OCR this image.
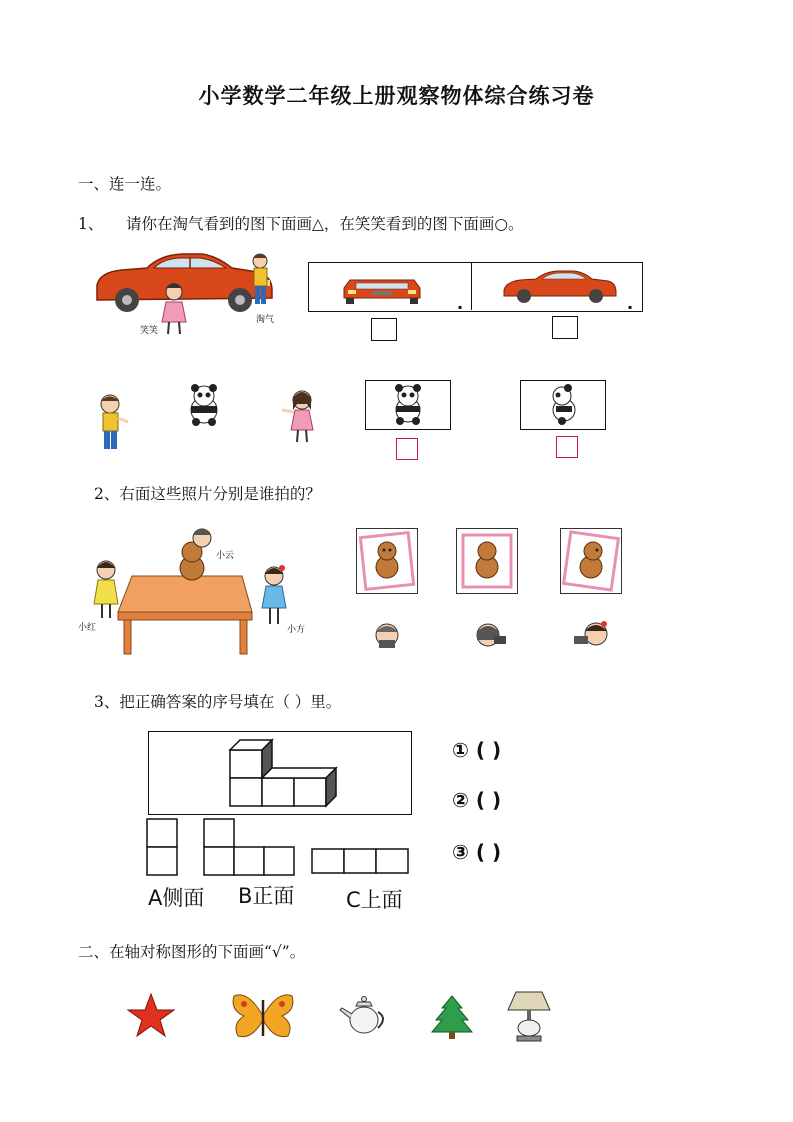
小学数学二年级上册观察物体综合练习卷
一、连一连。
1、 请你在淘气看到的图下面画△，在笑笑看到的图下面画○。
笑笑
淘气
▪	▪
2、右面这些照片分别是谁拍的？
小云
小红	小方
3、把正确答案的序号填在（ ）里。
A侧面 B正面 C上面
① ( )
② ( )
③ ( )
二、在轴对称图形的下面画“√”。
